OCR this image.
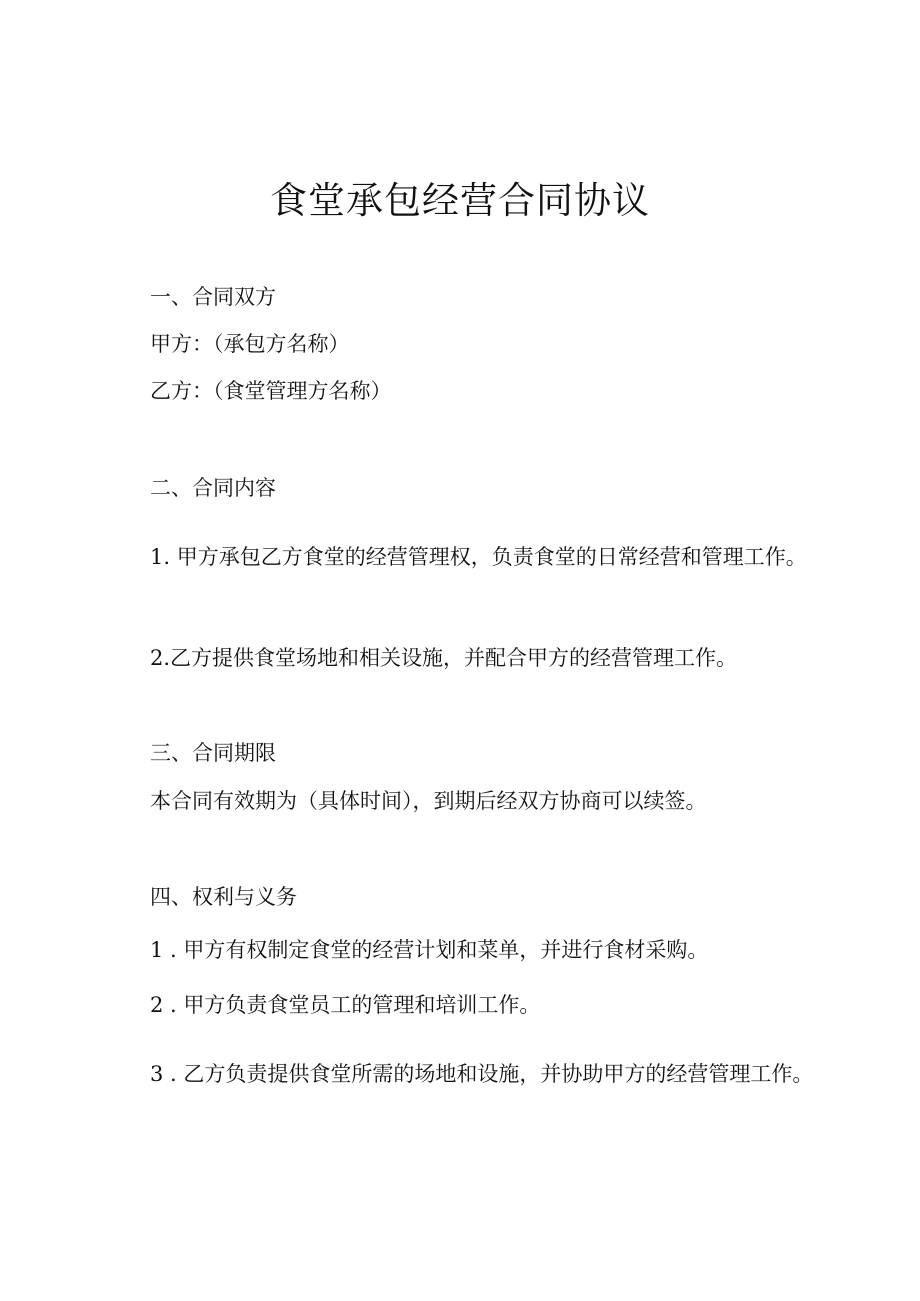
食堂承包经营合同协议

一、合同双方

甲方：（承包方名称）

乙方：（食堂管理方名称）

二、合同内容

1. 甲方承包乙方食堂的经营管理权，负责食堂的日常经营和管理工作。

2.乙方提供食堂场地和相关设施，并配合甲方的经营管理工作。

三、合同期限

本合同有效期为（具体时间），到期后经双方协商可以续签。

四、权利与义务

1 . 甲方有权制定食堂的经营计划和菜单，并进行食材采购。

2 . 甲方负责食堂员工的管理和培训工作。

3 . 乙方负责提供食堂所需的场地和设施，并协助甲方的经营管理工作。
